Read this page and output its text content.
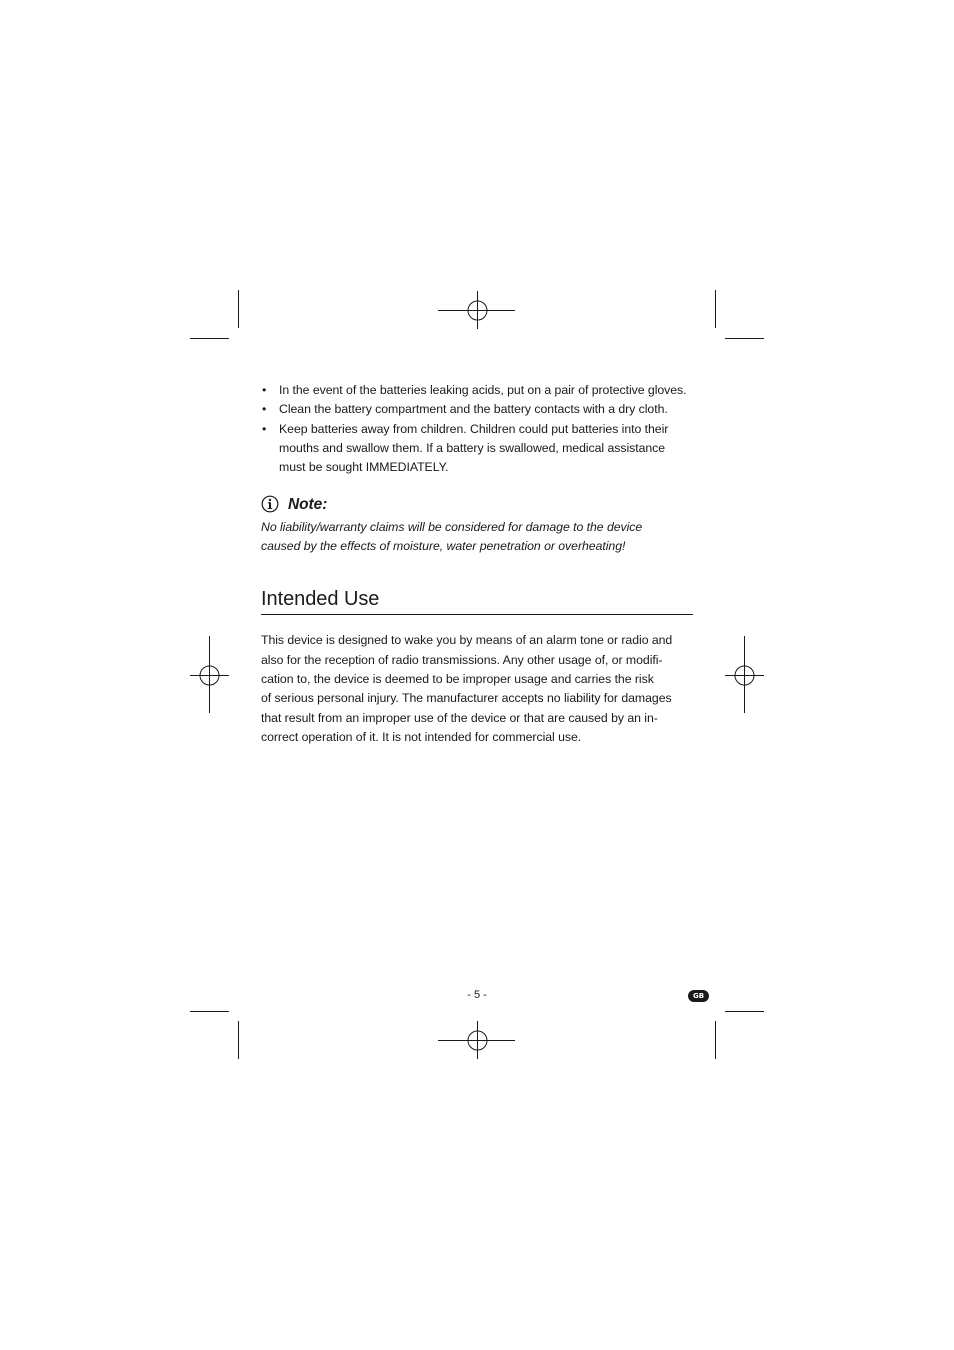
• In the event of the batteries leaking acids, put on a pair of protective gloves.
• Clean the battery compartment and the battery contacts with a dry cloth.
• Keep batteries away from children. Children could put batteries into their
mouths and swallow them. If a battery is swallowed, medical assistance
must be sought IMMEDIATELY.
Note:
No liability/warranty claims will be considered for damage to the device
caused by the effects of moisture, water penetration or overheating!
Intended Use

This device is designed to wake you by means of an alarm tone or radio and

also for the reception of radio transmissions. Any other usage of, or modifi-

cation to, the device is deemed to be improper usage and carries the risk

of serious personal injury. The manufacturer accepts no liability for damages

that result from an improper use of the device or that are caused by an in-

correct operation of it. It is not intended for commercial use.

- 5 -	GB
